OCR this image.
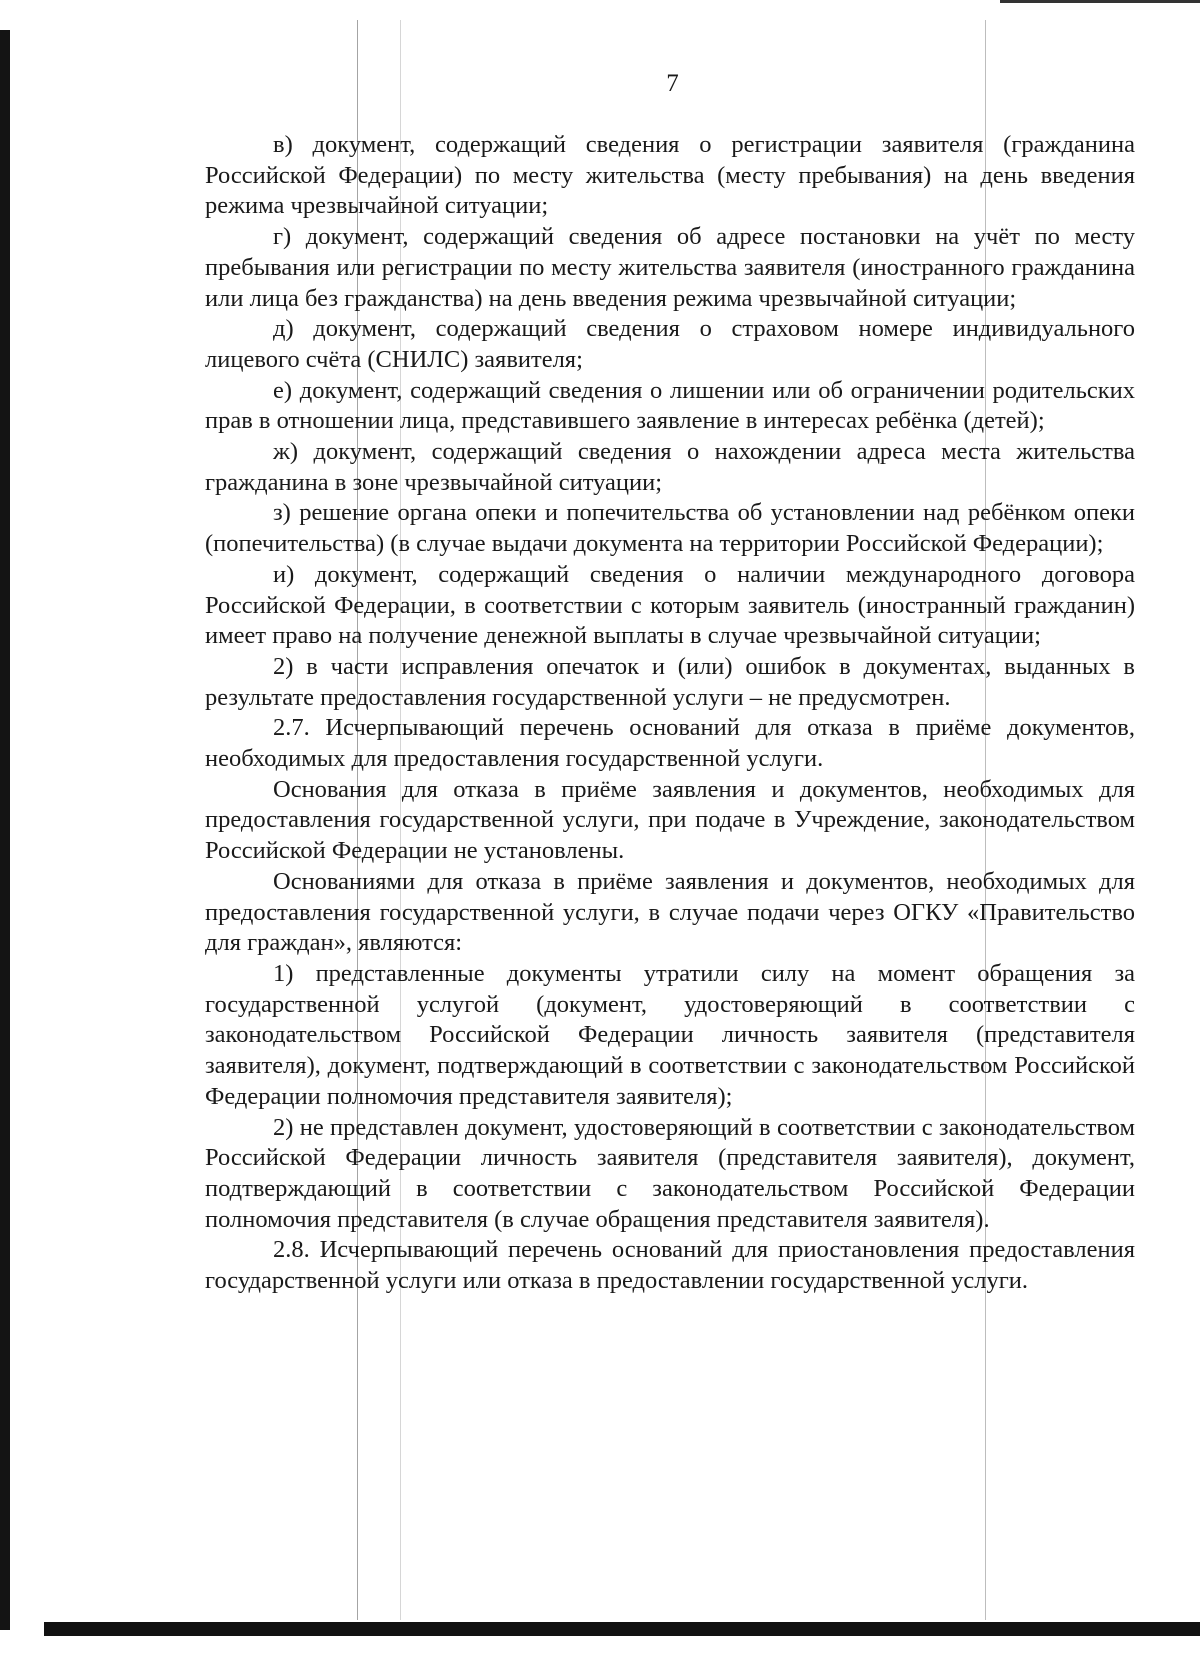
7

в) документ, содержащий сведения о регистрации заявителя (гражданина Российской Федерации) по месту жительства (месту пребывания) на день введения режима чрезвычайной ситуации;

г) документ, содержащий сведения об адресе постановки на учёт по месту пребывания или регистрации по месту жительства заявителя (иностранного гражданина или лица без гражданства) на день введения режима чрезвычайной ситуации;

д) документ, содержащий сведения о страховом номере индивидуального лицевого счёта (СНИЛС) заявителя;

е) документ, содержащий сведения о лишении или об ограничении родительских прав в отношении лица, представившего заявление в интересах ребёнка (детей);

ж) документ, содержащий сведения о нахождении адреса места жительства гражданина в зоне чрезвычайной ситуации;

з) решение органа опеки и попечительства об установлении над ребёнком опеки (попечительства) (в случае выдачи документа на территории Российской Федерации);

и) документ, содержащий сведения о наличии международного договора Российской Федерации, в соответствии с которым заявитель (иностранный гражданин) имеет право на получение денежной выплаты в случае чрезвычайной ситуации;

2) в части исправления опечаток и (или) ошибок в документах, выданных в результате предоставления государственной услуги – не предусмотрен.

2.7. Исчерпывающий перечень оснований для отказа в приёме документов, необходимых для предоставления государственной услуги.

Основания для отказа в приёме заявления и документов, необходимых для предоставления государственной услуги, при подаче в Учреждение, законодательством Российской Федерации не установлены.

Основаниями для отказа в приёме заявления и документов, необходимых для предоставления государственной услуги, в случае подачи через ОГКУ «Правительство для граждан», являются:

1) представленные документы утратили силу на момент обращения за государственной услугой (документ, удостоверяющий в соответствии с законодательством Российской Федерации личность заявителя (представителя заявителя), документ, подтверждающий в соответствии с законодательством Российской Федерации полномочия представителя заявителя);

2) не представлен документ, удостоверяющий в соответствии с законодательством Российской Федерации личность заявителя (представителя заявителя), документ, подтверждающий в соответствии с законодательством Российской Федерации полномочия представителя (в случае обращения представителя заявителя).

2.8. Исчерпывающий перечень оснований для приостановления предоставления государственной услуги или отказа в предоставлении государственной услуги.
